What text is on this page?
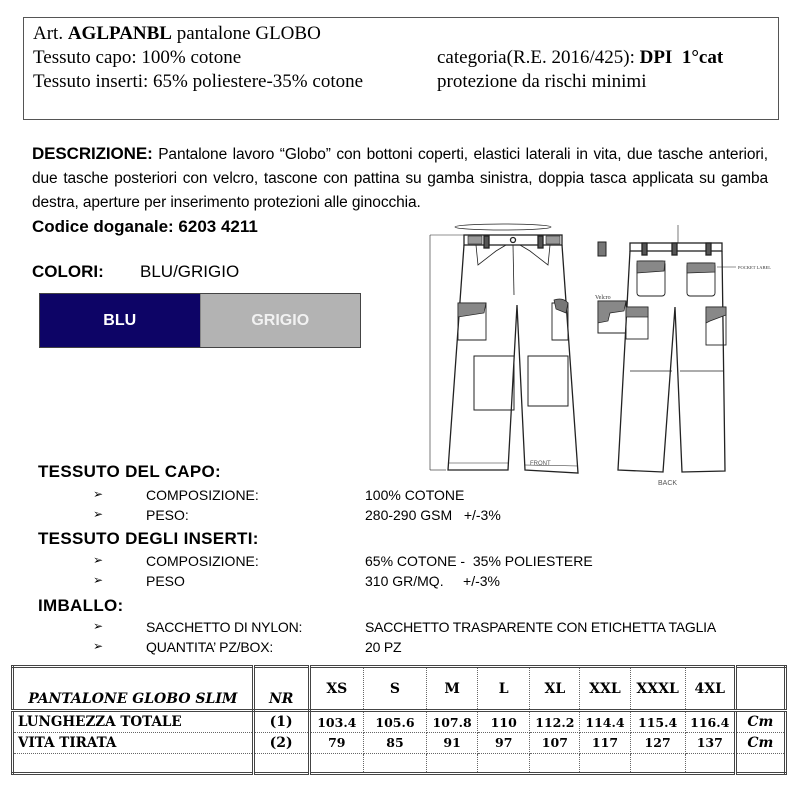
Art. AGLPANBL pantalone GLOBO
Tessuto capo: 100% cotone	categoria(R.E. 2016/425): DPI  1°cat
Tessuto inserti: 65% poliestere-35% cotone	protezione da rischi minimi
DESCRIZIONE: Pantalone lavoro “Globo” con bottoni coperti, elastici laterali in vita, due tasche anteriori, due tasche posteriori con velcro, tascone con pattina su gamba sinistra, doppia tasca applicata su gamba destra, aperture per inserimento protezioni alle ginocchia.
Codice doganale: 6203 4211
COLORI: BLU/GRIGIO
BLU	GRIGIO
FRONT
Velcro
POCKET LABEL
BACK
TESSUTO DEL CAPO:
➢	COMPOSIZIONE:	100% COTONE
➢	PESO:	280-290 GSM   +/-3%
TESSUTO DEGLI INSERTI:
➢	COMPOSIZIONE:	65% COTONE -  35% POLIESTERE
➢	PESO	310 GR/MQ.     +/-3%
IMBALLO:
➢	SACCHETTO DI NYLON:	SACCHETTO TRASPARENTE CON ETICHETTA TAGLIA
➢	QUANTITA’ PZ/BOX:	20 PZ
PANTALONE GLOBO SLIM	NR	XS	S	M	L	XL	XXL	XXXL	4XL	
LUNGHEZZA TOTALE	(1)	103.4	105.6	107.8	110	112.2	114.4	115.4	116.4	Cm
VITA TIRATA	(2)	79	85	91	97	107	117	127	137	Cm
